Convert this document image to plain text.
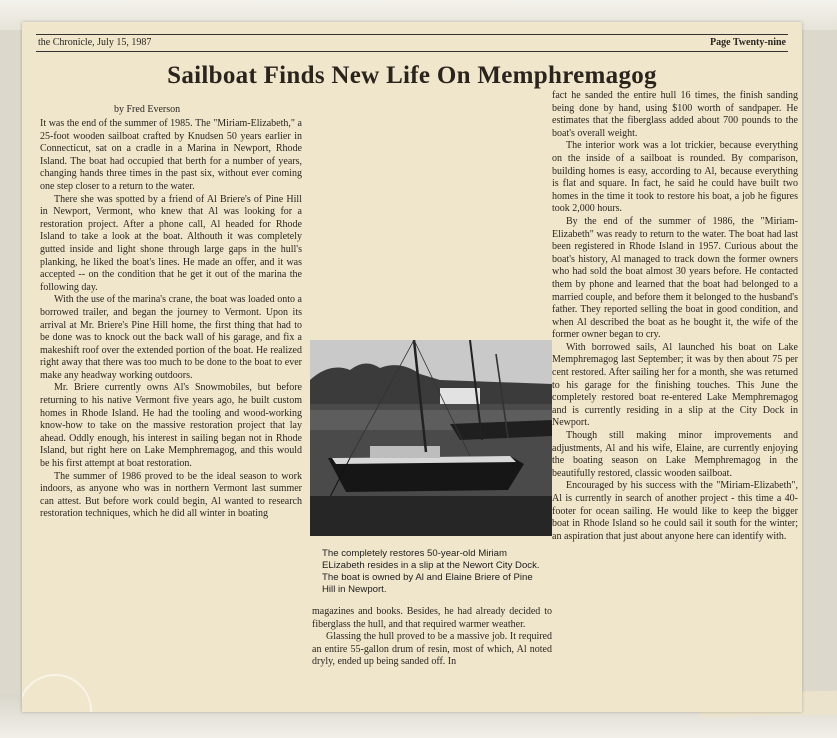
the Chronicle, July 15, 1987	Page Twenty-nine
Sailboat Finds New Life On Memphremagog
by Fred Everson

It was the end of the summer of 1985. The "Miriam-Elizabeth," a 25-foot wooden sailboat crafted by Knudsen 50 years earlier in Connecticut, sat on a cradle in a Marina in Newport, Rhode Island. The boat had occupied that berth for a number of years, changing hands three times in the past six, without ever coming one step closer to a return to the water.

There she was spotted by a friend of Al Briere's of Pine Hill in Newport, Vermont, who knew that Al was looking for a restoration project. After a phone call, Al headed for Rhode Island to take a look at the boat. Althouth it was completely gutted inside and light shone through large gaps in the hull's planking, he liked the boat's lines. He made an offer, and it was accepted -- on the condition that he get it out of the marina the following day.

With the use of the marina's crane, the boat was loaded onto a borrowed trailer, and began the journey to Vermont. Upon its arrival at Mr. Briere's Pine Hill home, the first thing that had to be done was to knock out the back wall of his garage, and fix a makeshift roof over the extended portion of the boat. He realized right away that there was too much to be done to the boat to ever make any headway working outdoors.

Mr. Briere currently owns Al's Snowmobiles, but before returning to his native Vermont five years ago, he built custom homes in Rhode Island. He had the tooling and wood-working know-how to take on the massive restoration project that lay ahead. Oddly enough, his interest in sailing began not in Rhode Island, but right here on Lake Memphremagog, and this would be his first attempt at boat restoration.

The summer of 1986 proved to be the ideal season to work indoors, as anyone who was in northern Vermont last summer can attest. But before work could begin, Al wanted to research restoration techniques, which he did all winter in boating

The completely restores 50-year-old Miriam ELizabeth resides in a slip at the Newort City Dock. The boat is owned by Al and Elaine Briere of Pine Hill in Newport.

magazines and books. Besides, he had already decided to fiberglass the hull, and that required warmer weather.

Glassing the hull proved to be a massive job. It required an entire 55-gallon drum of resin, most of which, Al noted dryly, ended up being sanded off. In

fact he sanded the entire hull 16 times, the finish sanding being done by hand, using $100 worth of sandpaper. He estimates that the fiberglass added about 700 pounds to the boat's overall weight.

The interior work was a lot trickier, because everything on the inside of a sailboat is rounded. By comparison, building homes is easy, according to Al, because everything is flat and square. In fact, he said he could have built two homes in the time it took to restore his boat, a job he figures took 2,000 hours.

By the end of the summer of 1986, the "Miriam-Elizabeth" was ready to return to the water. The boat had last been registered in Rhode Island in 1957. Curious about the boat's history, Al managed to track down the former owners who had sold the boat almost 30 years before. He contacted them by phone and learned that the boat had belonged to a married couple, and before them it belonged to the husband's father. They reported selling the boat in good condition, and when Al described the boat as he bought it, the wife of the former owner began to cry.

With borrowed sails, Al launched his boat on Lake Memphremagog last September; it was by then about 75 per cent restored. After sailing her for a month, she was returned to his garage for the finishing touches. This June the completely restored boat re-entered Lake Memphremagog and is currently residing in a slip at the City Dock in Newport.

Though still making minor improvements and adjustments, Al and his wife, Elaine, are currently enjoying the boating season on Lake Memphremagog in the beautifully restored, classic wooden sailboat.

Encouraged by his success with the "Miriam-Elizabeth", Al is currently in search of another project - this time a 40-footer for ocean sailing. He would like to keep the bigger boat in Rhode Island so he could sail it south for the winter; an aspiration that just about anyone here can identify with.
